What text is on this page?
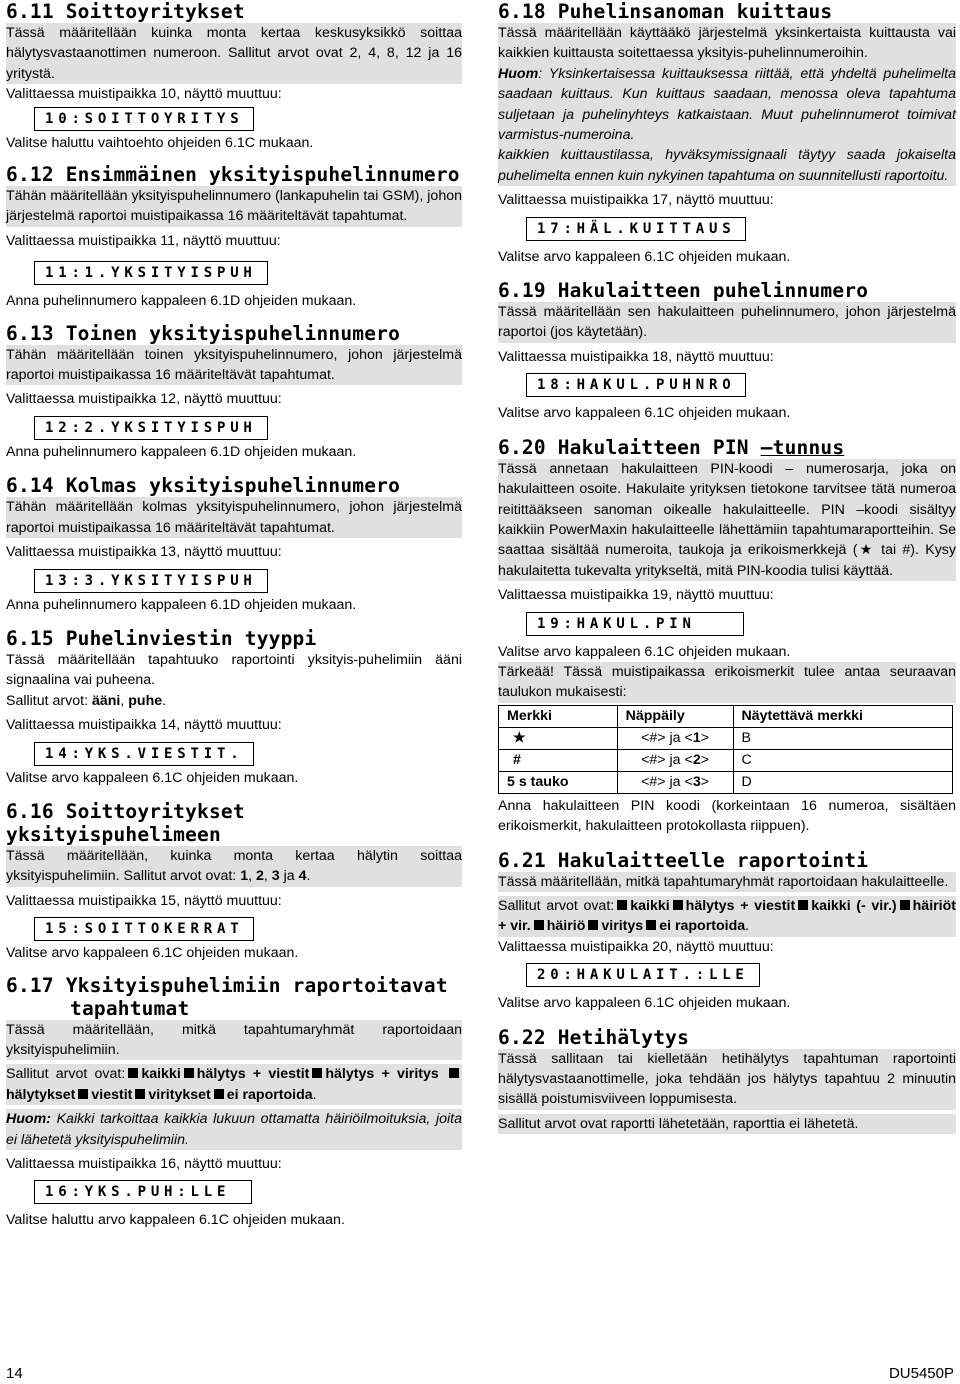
6.11 Soittoyritykset

Tässä määritellään kuinka monta kertaa keskusyksikkö soittaa hälytysvastaanottimen numeroon. Sallitut arvot ovat 2, 4, 8, 12 ja 16 yritystä.

Valittaessa muistipaikka 10, näyttö muuttuu:

10:SOITTOYRITYS

Valitse haluttu vaihtoehto ohjeiden 6.1C mukaan.

6.12 Ensimmäinen yksityispuhelinnumero

Tähän määritellään yksityispuhelinnumero (lankapuhelin tai GSM), johon järjestelmä raportoi muistipaikassa 16 määriteltävät tapahtumat.

Valittaessa muistipaikka 11, näyttö muuttuu:

11:1.YKSITYISPUH

Anna puhelinnumero kappaleen 6.1D ohjeiden mukaan.

6.13 Toinen yksityispuhelinnumero

Tähän määritellään toinen yksityispuhelinnumero, johon järjestelmä raportoi muistipaikassa 16 määriteltävät tapahtumat.

Valittaessa muistipaikka 12, näyttö muuttuu:

12:2.YKSITYISPUH

Anna puhelinnumero kappaleen 6.1D ohjeiden mukaan.

6.14 Kolmas yksityispuhelinnumero

Tähän määritellään kolmas yksityispuhelinnumero, johon järjestelmä raportoi muistipaikassa 16 määriteltävät tapahtumat.

Valittaessa muistipaikka 13, näyttö muuttuu:

13:3.YKSITYISPUH

Anna puhelinnumero kappaleen 6.1D ohjeiden mukaan.

6.15 Puhelinviestin tyyppi

Tässä määritellään tapahtuuko raportointi yksityis-puhelimiin ääni signaalina vai puheena.

Sallitut arvot: ääni, puhe.

Valittaessa muistipaikka 14, näyttö muuttuu:

14:YKS.VIESTIT.

Valitse arvo kappaleen 6.1C ohjeiden mukaan.

6.16 Soittoyritykset yksityispuhelimeen

Tässä määritellään, kuinka monta kertaa hälytin soittaa yksityispuhelimiin. Sallitut arvot ovat: 1, 2, 3 ja 4.

Valittaessa muistipaikka 15, näyttö muuttuu:

15:SOITTOKERRAT

Valitse arvo kappaleen 6.1C ohjeiden mukaan.

6.17 Yksityispuhelimiin raportoitavat
tapahtumat

Tässä määritellään, mitkä tapahtumaryhmät raportoidaan yksityispuhelimiin.

Sallitut arvot ovat: kaikki hälytys + viestit hälytys + viritys hälytykset viestit viritykset ei raportoida.

Huom: Kaikki tarkoittaa kaikkia lukuun ottamatta häiriöilmoituksia, joita ei lähetetä yksityispuhelimiin.

Valittaessa muistipaikka 16, näyttö muuttuu:

16:YKS.PUH:LLE

Valitse haluttu arvo kappaleen 6.1C ohjeiden mukaan.

6.18 Puhelinsanoman kuittaus

Tässä määritellään käyttääkö järjestelmä yksinkertaista kuittausta vai kaikkien kuittausta soitettaessa yksityis-puhelinnumeroihin.

Huom: Yksinkertaisessa kuittauksessa riittää, että yhdeltä puhelimelta saadaan kuittaus. Kun kuittaus saadaan, menossa oleva tapahtuma suljetaan ja puhelinyhteys katkaistaan. Muut puhelinnumerot toimivat varmistus-numeroina.

kaikkien kuittaustilassa, hyväksymissignaali täytyy saada jokaiselta puhelimelta ennen kuin nykyinen tapahtuma on suunnitellusti raportoitu.

Valittaessa muistipaikka 17, näyttö muuttuu:

17:HÄL.KUITTAUS

Valitse arvo kappaleen 6.1C ohjeiden mukaan.

6.19 Hakulaitteen puhelinnumero

Tässä määritellään sen hakulaitteen puhelinnumero, johon järjestelmä raportoi (jos käytetään).

Valittaessa muistipaikka 18, näyttö muuttuu:

18:HAKUL.PUHNRO

Valitse arvo kappaleen 6.1C ohjeiden mukaan.

6.20 Hakulaitteen PIN –tunnus

Tässä annetaan hakulaitteen PIN-koodi – numerosarja, joka on hakulaitteen osoite. Hakulaite yrityksen tietokone tarvitsee tätä numeroa reitittääkseen sanoman oikealle hakulaitteelle. PIN –koodi sisältyy kaikkiin PowerMaxin hakulaitteelle lähettämiin tapahtumaraportteihin. Se saattaa sisältää numeroita, taukoja ja erikoismerkkejä (★ tai #). Kysy hakulaitetta tukevalta yritykseltä, mitä PIN-koodia tulisi käyttää.

Valittaessa muistipaikka 19, näyttö muuttuu:

19:HAKUL.PIN

Valitse arvo kappaleen 6.1C ohjeiden mukaan.

Tärkeää! Tässä muistipaikassa erikoismerkit tulee antaa seuraavan taulukon mukaisesti:

Merkki	Näppäily	Näytettävä merkki
★	<#> ja <1>	B
#	<#> ja <2>	C
5 s tauko	<#> ja <3>	D

Anna hakulaitteen PIN koodi (korkeintaan 16 numeroa, sisältäen erikoismerkit, hakulaitteen protokollasta riippuen).

6.21 Hakulaitteelle raportointi

Tässä määritellään, mitkä tapahtumaryhmät raportoidaan hakulaitteelle.

Sallitut arvot ovat: kaikki hälytys + viestit kaikki (- vir.) häiriöt + vir. häiriö viritys ei raportoida.

Valittaessa muistipaikka 20, näyttö muuttuu:

20:HAKULAIT.:LLE

Valitse arvo kappaleen 6.1C ohjeiden mukaan.

6.22 Hetihälytys

Tässä sallitaan tai kielletään hetihälytys tapahtuman raportointi hälytysvastaanottimelle, joka tehdään jos hälytys tapahtuu 2 minuutin sisällä poistumisviiveen loppumisesta.

Sallitut arvot ovat raportti lähetetään, raporttia ei lähetetä.

14	DU5450P
